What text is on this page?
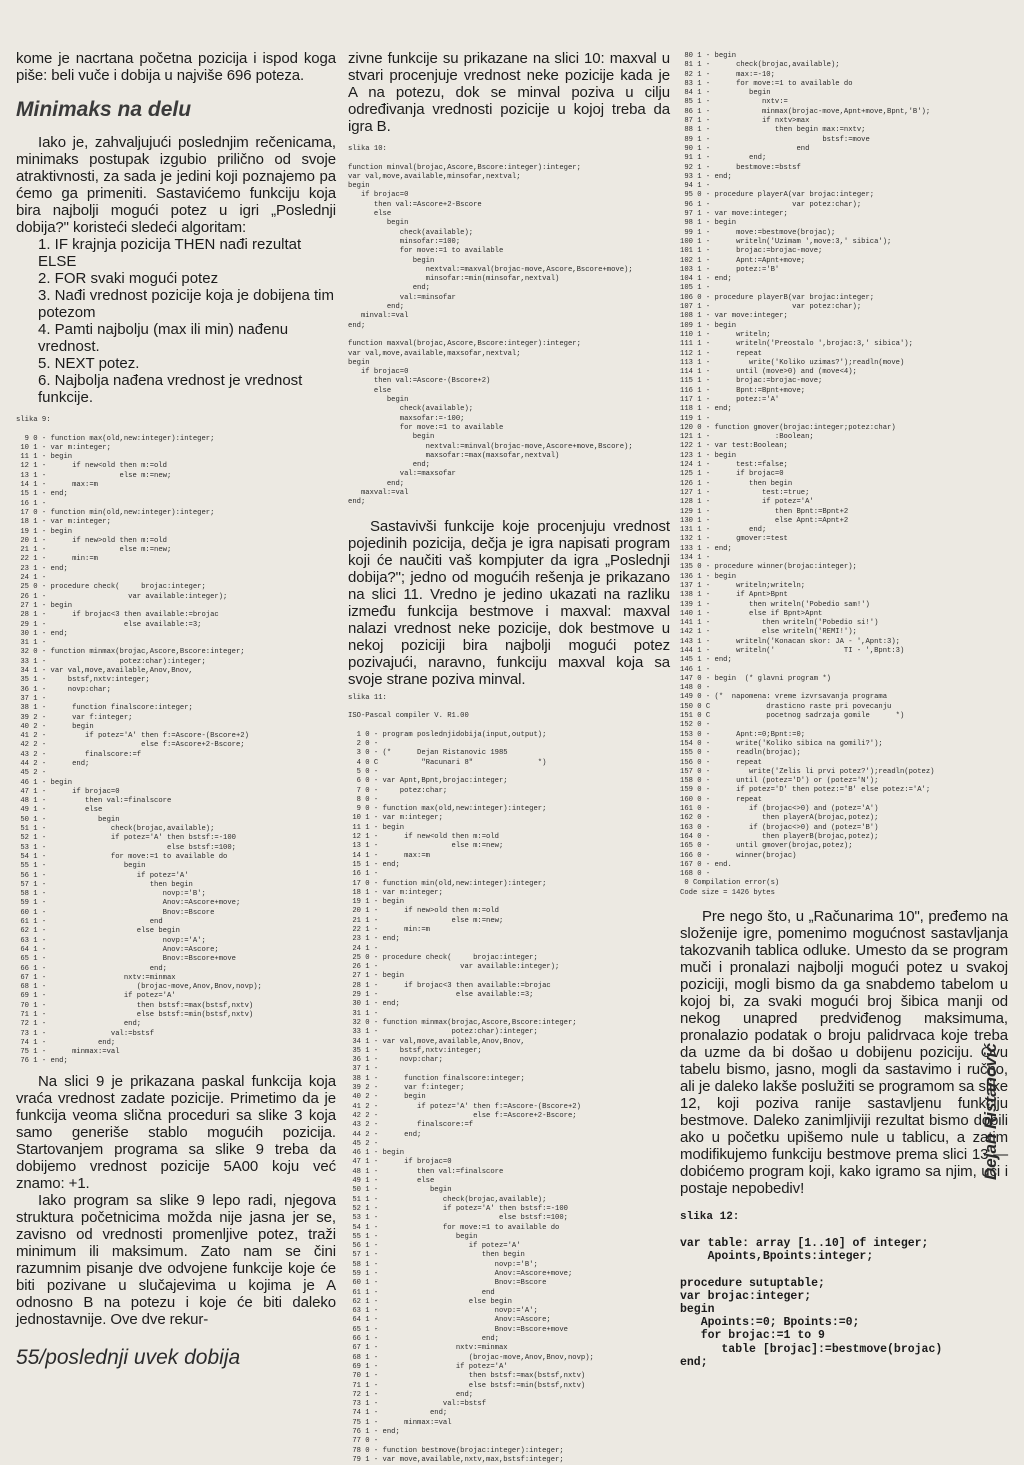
kome je nacrtana početna pozicija i ispod koga piše: beli vuče i dobija u najviše 696 poteza.

Minimaks na delu

Iako je, zahvaljujući poslednjim rečenicama, minimaks postupak izgubio prilično od svoje atraktivnosti, za sada je jedini koji poznajemo pa ćemo ga primeniti. Sastavićemo funkciju koja bira najbolji mogući potez u igri „Poslednji dobija?" koristeći sledeći algoritam:

1. IF krajnja pozicija THEN nađi rezultat ELSE

2. FOR svaki mogući potez

3. Nađi vrednost pozicije koja je dobijena tim potezom

4. Pamti najbolju (max ili min) nađenu vrednost.

5. NEXT potez.

6. Najbolja nađena vrednost je vrednost funkcije.

slika 9:

9 0 - function max(old,new:integer):integer;
10 1 - var m:integer;
11 1 - begin
12 1 -      if new<old then m:=old
13 1 -                 else m:=new;
14 1 -      max:=m
15 1 - end;
16 1 -
17 0 - function min(old,new:integer):integer;
18 1 - var m:integer;
19 1 - begin
20 1 -      if new>old then m:=old
21 1 -                 else m:=new;
22 1 -      min:=m
23 1 - end;
24 1 -
25 0 - procedure check(     brojac:integer;
26 1 -                   var available:integer);
27 1 - begin
28 1 -      if brojac<3 then available:=brojac
29 1 -                  else available:=3;
30 1 - end;
31 1 -
32 0 - function minmax(brojac,Ascore,Bscore:integer;
33 1 -                 potez:char):integer;
34 1 - var val,move,available,Anov,Bnov,
35 1 -     bstsf,nxtv:integer;
36 1 -     novp:char;
37 1 -
38 1 -      function finalscore:integer;
39 2 -      var f:integer;
40 2 -      begin
41 2 -         if potez='A' then f:=Ascore-(Bscore+2)
42 2 -                      else f:=Ascore+2-Bscore;
43 2 -         finalscore:=f
44 2 -      end;
45 2 -
46 1 - begin
47 1 -      if brojac=0
48 1 -         then val:=finalscore
49 1 -         else
50 1 -            begin
51 1 -               check(brojac,available);
52 1 -               if potez='A' then bstsf:=-100
53 1 -                            else bstsf:=100;
54 1 -               for move:=1 to available do
55 1 -                  begin
56 1 -                     if potez='A'
57 1 -                        then begin
58 1 -                           novp:='B';
59 1 -                           Anov:=Ascore+move;
60 1 -                           Bnov:=Bscore
61 1 -                        end
62 1 -                     else begin
63 1 -                           novp:='A';
64 1 -                           Anov:=Ascore;
65 1 -                           Bnov:=Bscore+move
66 1 -                        end;
67 1 -                  nxtv:=minmax
68 1 -                     (brojac-move,Anov,Bnov,novp);
69 1 -                  if potez='A'
70 1 -                     then bstsf:=max(bstsf,nxtv)
71 1 -                     else bstsf:=min(bstsf,nxtv)
72 1 -                  end;
73 1 -               val:=bstsf
74 1 -            end;
75 1 -      minmax:=val
76 1 - end;

Na slici 9 je prikazana paskal funkcija koja vraća vrednost zadate pozicije. Primetimo da je funkcija veoma slična proceduri sa slike 3 koja samo generiše stablo mogućih pozicija. Startovanjem programa sa slike 9 treba da dobijemo vrednost pozicije 5A00 koju već znamo: +1.

Iako program sa slike 9 lepo radi, njegova struktura početnicima možda nije jasna jer se, zavisno od vrednosti promenljive potez, traži minimum ili maksimum. Zato nam se čini razumnim pisanje dve odvojene funkcije koje će biti pozivane u slučajevima u kojima je A odnosno B na potezu i koje će biti daleko jednostavnije. Ove dve rekur-

zivne funkcije su prikazane na slici 10: maxval u stvari procenjuje vrednost neke pozicije kada je A na potezu, dok se minval poziva u cilju određivanja vrednosti pozicije u kojoj treba da igra B.

slika 10:

function minval(brojac,Ascore,Bscore:integer):integer;
var val,move,available,minsofar,nextval;
begin
if brojac=0
then val:=Ascore+2-Bscore
else
begin
check(available);
minsofar:=100;
for move:=1 to available
begin
nextval:=maxval(brojac-move,Ascore,Bscore+move);
minsofar:=min(minsofar,nextval)
end;
val:=minsofar
end;
minval:=val
end;

function maxval(brojac,Ascore,Bscore:integer):integer;
var val,move,available,maxsofar,nextval;
begin
if brojac=0
then val:=Ascore-(Bscore+2)
else
begin
check(available);
maxsofar:=-100;
for move:=1 to available
begin
nextval:=minval(brojac-move,Ascore+move,Bscore);
maxsofar:=max(maxsofar,nextval)
end;
val:=maxsofar
end;
maxval:=val
end;

Sastavivši funkcije koje procenjuju vrednost pojedinih pozicija, dečja je igra napisati program koji će naučiti vaš kompjuter da igra „Poslednji dobija?"; jedno od mogućih rešenja je prikazano na slici 11. Vredno je jedino ukazati na razliku između funkcija bestmove i maxval: maxval nalazi vrednost neke pozicije, dok bestmove u nekoj poziciji bira najbolji mogući potez pozivajući, naravno, funkciju maxval koja sa svoje strane poziva minval.

slika 11:

ISO-Pascal compiler V. R1.00

1 0 - program poslednjidobija(input,output);
2 0 -
3 0 - (*      Dejan Ristanovic 1985
4 0 C          "Racunari 8"               *)
5 0 -
6 0 - var Apnt,Bpnt,brojac:integer;
7 0 -     potez:char;
8 0 -
9 0 - function max(old,new:integer):integer;
10 1 - var m:integer;
11 1 - begin
12 1 -      if new<old then m:=old
13 1 -                 else m:=new;
14 1 -      max:=m
15 1 - end;
16 1 -
17 0 - function min(old,new:integer):integer;
18 1 - var m:integer;
19 1 - begin
20 1 -      if new>old then m:=old
21 1 -                 else m:=new;
22 1 -      min:=m
23 1 - end;
24 1 -
25 0 - procedure check(     brojac:integer;
26 1 -                   var available:integer);
27 1 - begin
28 1 -      if brojac<3 then available:=brojac
29 1 -                  else available:=3;
30 1 - end;
31 1 -
32 0 - function minmax(brojac,Ascore,Bscore:integer;
33 1 -                 potez:char):integer;
34 1 - var val,move,available,Anov,Bnov,
35 1 -     bstsf,nxtv:integer;
36 1 -     novp:char;
37 1 -
38 1 -      function finalscore:integer;
39 2 -      var f:integer;
40 2 -      begin
41 2 -         if potez='A' then f:=Ascore-(Bscore+2)
42 2 -                      else f:=Ascore+2-Bscore;
43 2 -         finalscore:=f
44 2 -      end;
45 2 -
46 1 - begin
47 1 -      if brojac=0
48 1 -         then val:=finalscore
49 1 -         else
50 1 -            begin
51 1 -               check(brojac,available);
52 1 -               if potez='A' then bstsf:=-100
53 1 -                            else bstsf:=100;
54 1 -               for move:=1 to available do
55 1 -                  begin
56 1 -                     if potez='A'
57 1 -                        then begin
58 1 -                           novp:='B';
59 1 -                           Anov:=Ascore+move;
60 1 -                           Bnov:=Bscore
61 1 -                        end
62 1 -                     else begin
63 1 -                           novp:='A';
64 1 -                           Anov:=Ascore;
65 1 -                           Bnov:=Bscore+move
66 1 -                        end;
67 1 -                  nxtv:=minmax
68 1 -                     (brojac-move,Anov,Bnov,novp);
69 1 -                  if potez='A'
70 1 -                     then bstsf:=max(bstsf,nxtv)
71 1 -                     else bstsf:=min(bstsf,nxtv)
72 1 -                  end;
73 1 -               val:=bstsf
74 1 -            end;
75 1 -      minmax:=val
76 1 - end;
77 0 -
78 0 - function bestmove(brojac:integer):integer;
79 1 - var move,available,nxtv,max,bstsf:integer;
80 1 - begin
81 1 -      check(brojac,available);
82 1 -      max:=-10;
83 1 -      for move:=1 to available do
84 1 -         begin
85 1 -            nxtv:=
86 1 -            minmax(brojac-move,Apnt+move,Bpnt,'B');
87 1 -            if nxtv>max
88 1 -               then begin max:=nxtv;
89 1 -                          bstsf:=move
90 1 -                    end
91 1 -         end;
92 1 -      bestmove:=bstsf
93 1 - end;
94 1 -
95 0 - procedure playerA(var brojac:integer;
96 1 -                   var potez:char);
97 1 - var move:integer;
98 1 - begin
99 1 -      move:=bestmove(brojac);
100 1 -      writeln('Uzimam ',move:3,' sibica');
101 1 -      brojac:=brojac-move;
102 1 -      Apnt:=Apnt+move;
103 1 -      potez:='B'
104 1 - end;
105 1 -
106 0 - procedure playerB(var brojac:integer;
107 1 -                   var potez:char);
108 1 - var move:integer;
109 1 - begin
110 1 -      writeln;
111 1 -      writeln('Preostalo ',brojac:3,' sibica');
112 1 -      repeat
113 1 -         write('Koliko uzimas?');readln(move)
114 1 -      until (move>0) and (move<4);
115 1 -      brojac:=brojac-move;
116 1 -      Bpnt:=Bpnt+move;
117 1 -      potez:='A'
118 1 - end;
119 1 -
120 0 - function gmover(brojac:integer;potez:char)
121 1 -               :Boolean;
122 1 - var test:Boolean;
123 1 - begin
124 1 -      test:=false;
125 1 -      if brojac=0
126 1 -         then begin
127 1 -            test:=true;
128 1 -            if potez='A'
129 1 -               then Bpnt:=Bpnt+2
130 1 -               else Apnt:=Apnt+2
131 1 -         end;
132 1 -      gmover:=test
133 1 - end;
134 1 -
135 0 - procedure winner(brojac:integer);
136 1 - begin
137 1 -      writeln;writeln;
138 1 -      if Apnt>Bpnt
139 1 -         then writeln('Pobedio sam!')
140 1 -         else if Bpnt>Apnt
141 1 -            then writeln('Pobedio si!')
142 1 -            else writeln('REMI!');
143 1 -      writeln('Konacan skor: JA - ',Apnt:3);
144 1 -      writeln('                TI - ',Bpnt:3)
145 1 - end;
146 1 -
147 0 - begin  (* glavni program *)
148 0 -
149 0 - (*  napomena: vreme izvrsavanja programa
150 0 C             drasticno raste pri povecanju
151 0 C             pocetnog sadrzaja gomile      *)
152 0 -
153 0 -      Apnt:=0;Bpnt:=0;
154 0 -      write('Koliko sibica na gomili?');
155 0 -      readln(brojac);
156 0 -      repeat
157 0 -         write('Zelis li prvi potez?');readln(potez)
158 0 -      until (potez='D') or (potez='N');
159 0 -      if potez='D' then potez:='B' else potez:='A';
160 0 -      repeat
161 0 -         if (brojac<>0) and (potez='A')
162 0 -            then playerA(brojac,potez);
163 0 -         if (brojac<>0) and (potez='B')
164 0 -            then playerB(brojac,potez);
165 0 -      until gmover(brojac,potez);
166 0 -      winner(brojac)
167 0 - end.
168 0 -
0 Compilation error(s)
Code size = 1426 bytes

Pre nego što, u „Računarima 10", pređemo na složenije igre, pomenimo mogućnost sastavljanja takozvanih tablica odluke. Umesto da se program muči i pronalazi najbolji mogući potez u svakoj poziciji, mogli bismo da ga snabdemo tabelom u kojoj bi, za svaki mogući broj šibica manji od nekog unapred predviđenog maksimuma, pronalazio podatak o broju palidrvaca koje treba da uzme da bi došao u dobijenu poziciju. Ovu tabelu bismo, jasno, mogli da sastavimo i ručno, ali je daleko lakše poslužiti se programom sa slike 12, koji poziva ranije sastavljenu funkciju bestmove. Daleko zanimljiviji rezultat bismo dobili ako u početku upišemo nule u tablicu, a zatim modifikujemo funkciju bestmove prema slici 13 — dobićemo program koji, kako igramo sa njim, uči i postaje nepobediv!

slika 12:

var table: array [1..10] of integer;
Apoints,Bpoints:integer;

procedure sutuptable;
var brojac:integer;
begin
Apoints:=0; Bpoints:=0;
for brojac:=1 to 9
table [brojac]:=bestmove(brojac)
end;
55/poslednji uvek dobija
Dejan Ristanović
